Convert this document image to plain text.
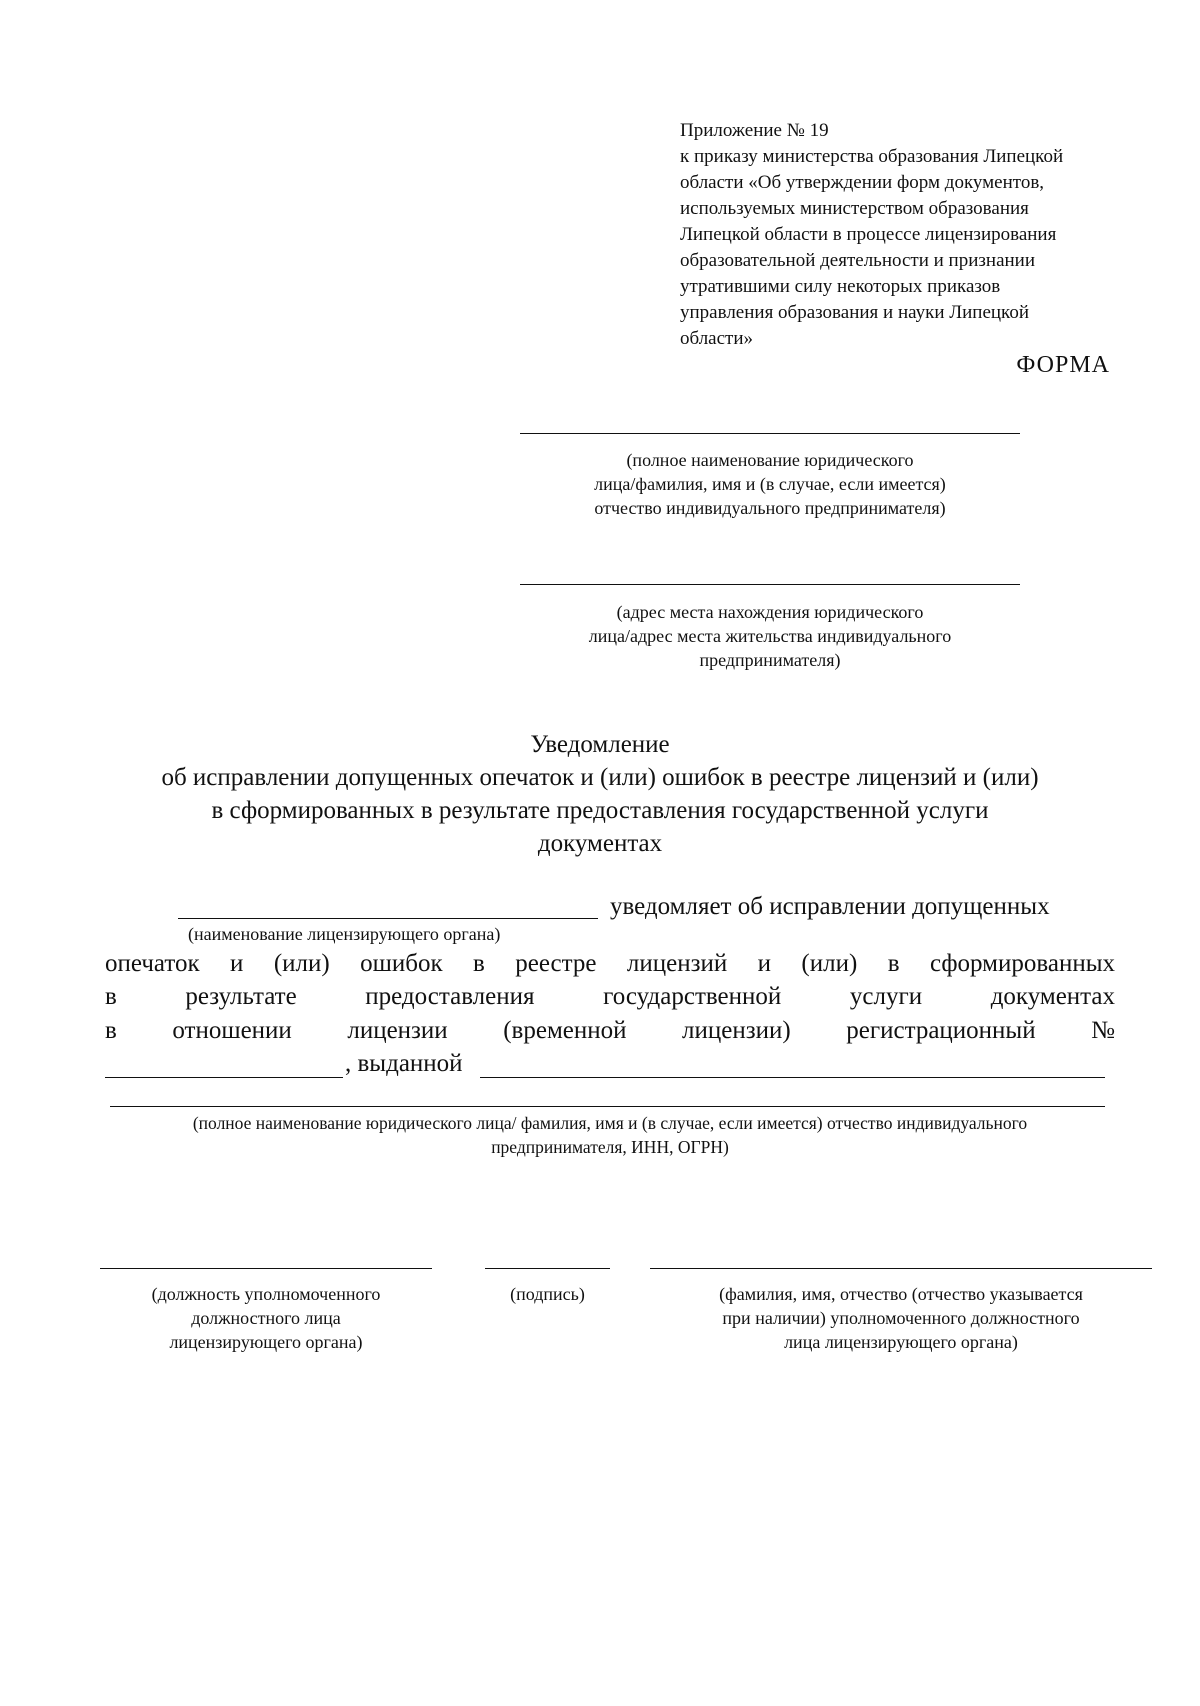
Приложение № 19
к приказу министерства образования Липецкой
области «Об утверждении форм документов,
используемых министерством образования
Липецкой области в процессе лицензирования
образовательной деятельности и признании
утратившими силу некоторых приказов
управления образования и науки Липецкой
области»
ФОРМА
(полное наименование юридического
лица/фамилия, имя и (в случае, если имеется)
отчество индивидуального предпринимателя)
(адрес места нахождения юридического
лица/адрес места жительства индивидуального
предпринимателя)
Уведомление
об исправлении допущенных опечаток и (или) ошибок в реестре лицензий и (или)
в сформированных в результате предоставления государственной услуги
документах
уведомляет об исправлении допущенных
(наименование лицензирующего органа)
опечаток и (или) ошибок в реестре лицензий и (или) в сформированных
в результате предоставления государственной услуги документах
в отношении лицензии (временной лицензии) регистрационный №
, выданной
(полное наименование юридического лица/ фамилия, имя и (в случае, если имеется) отчество индивидуального
предпринимателя, ИНН, ОГРН)
(должность уполномоченного
должностного лица
лицензирующего органа)
(подпись)	(фамилия, имя, отчество (отчество указывается
при наличии) уполномоченного должностного
лица лицензирующего органа)
